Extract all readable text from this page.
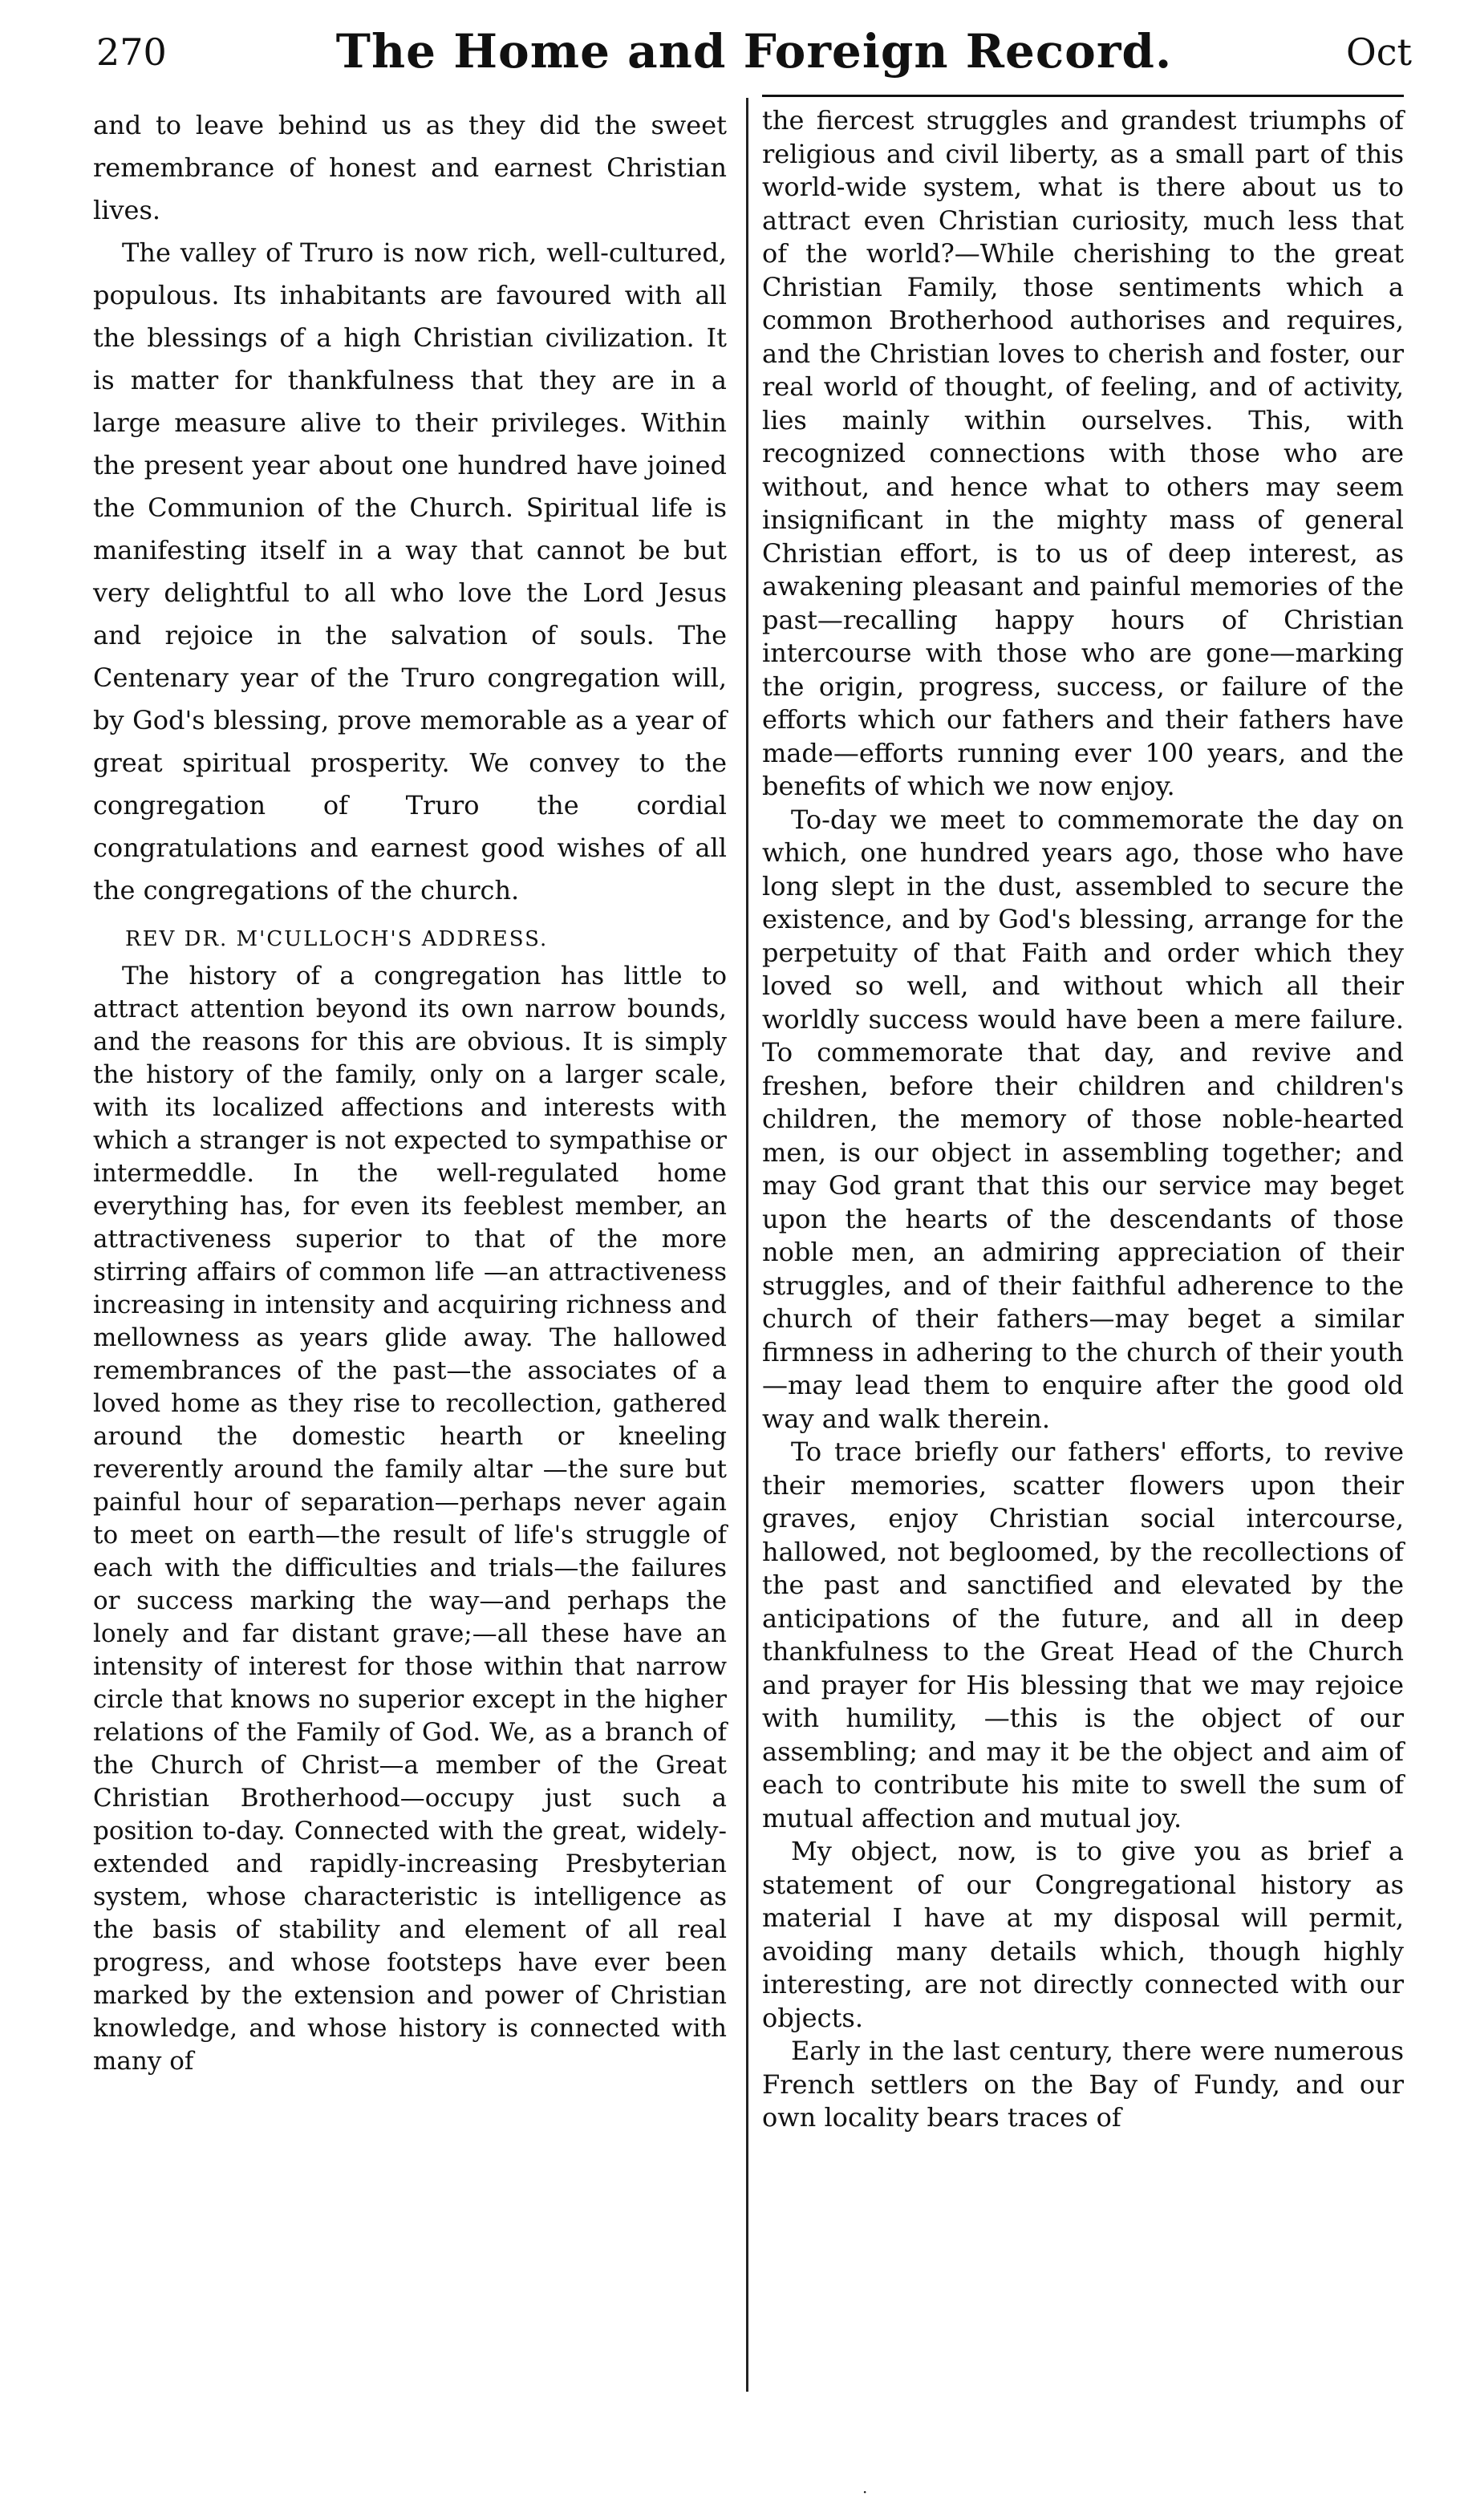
270	The Home and Foreign Record.	Oct

and to leave behind us as they did the sweet remembrance of honest and earnest Christian lives.

The valley of Truro is now rich, well-cultured, populous. Its inhabitants are favoured with all the blessings of a high Christian civilization. It is matter for thankfulness that they are in a large measure alive to their privileges. Within the present year about one hundred have joined the Communion of the Church. Spiritual life is manifesting itself in a way that cannot be but very delightful to all who love the Lord Jesus and rejoice in the salvation of souls. The Centenary year of the Truro congregation will, by God's blessing, prove memorable as a year of great spiritual prosperity. We convey to the congregation of Truro the cordial congratulations and earnest good wishes of all the congregations of the church.

REV DR. M'CULLOCH'S ADDRESS.

The history of a congregation has little to attract attention beyond its own narrow bounds, and the reasons for this are obvious. It is simply the history of the family, only on a larger scale, with its localized affections and interests with which a stranger is not expected to sympathise or intermeddle. In the well-regulated home everything has, for even its feeblest member, an attractiveness superior to that of the more stirring affairs of common life —an attractiveness increasing in intensity and acquiring richness and mellowness as years glide away. The hallowed remembrances of the past—the associates of a loved home as they rise to recollection, gathered around the domestic hearth or kneeling reverently around the family altar —the sure but painful hour of separation—perhaps never again to meet on earth—the result of life's struggle of each with the difficulties and trials—the failures or success marking the way—and perhaps the lonely and far distant grave;—all these have an intensity of interest for those within that narrow circle that knows no superior except in the higher relations of the Family of God. We, as a branch of the Church of Christ—a member of the Great Christian Brotherhood—occupy just such a position to-day. Connected with the great, widely-extended and rapidly-increasing Presbyterian system, whose characteristic is intelligence as the basis of stability and element of all real progress, and whose footsteps have ever been marked by the extension and power of Christian knowledge, and whose history is connected with many of

the fiercest struggles and grandest triumphs of religious and civil liberty, as a small part of this world-wide system, what is there about us to attract even Christian curiosity, much less that of the world?—While cherishing to the great Christian Family, those sentiments which a common Brotherhood authorises and requires, and the Christian loves to cherish and foster, our real world of thought, of feeling, and of activity, lies mainly within ourselves. This, with recognized connections with those who are without, and hence what to others may seem insignificant in the mighty mass of general Christian effort, is to us of deep interest, as awakening pleasant and painful memories of the past—recalling happy hours of Christian intercourse with those who are gone—marking the origin, progress, success, or failure of the efforts which our fathers and their fathers have made—efforts running ever 100 years, and the benefits of which we now enjoy.

To-day we meet to commemorate the day on which, one hundred years ago, those who have long slept in the dust, assembled to secure the existence, and by God's blessing, arrange for the perpetuity of that Faith and order which they loved so well, and without which all their worldly success would have been a mere failure. To commemorate that day, and revive and freshen, before their children and children's children, the memory of those noble-hearted men, is our object in assembling together; and may God grant that this our service may beget upon the hearts of the descendants of those noble men, an admiring appreciation of their struggles, and of their faithful adherence to the church of their fathers—may beget a similar firmness in adhering to the church of their youth—may lead them to enquire after the good old way and walk therein.

To trace briefly our fathers' efforts, to revive their memories, scatter flowers upon their graves, enjoy Christian social intercourse, hallowed, not begloomed, by the recollections of the past and sanctified and elevated by the anticipations of the future, and all in deep thankfulness to the Great Head of the Church and prayer for His blessing that we may rejoice with humility, —this is the object of our assembling; and may it be the object and aim of each to contribute his mite to swell the sum of mutual affection and mutual joy.

My object, now, is to give you as brief a statement of our Congregational history as material I have at my disposal will permit, avoiding many details which, though highly interesting, are not directly connected with our objects.

Early in the last century, there were numerous French settlers on the Bay of Fundy, and our own locality bears traces of

·
